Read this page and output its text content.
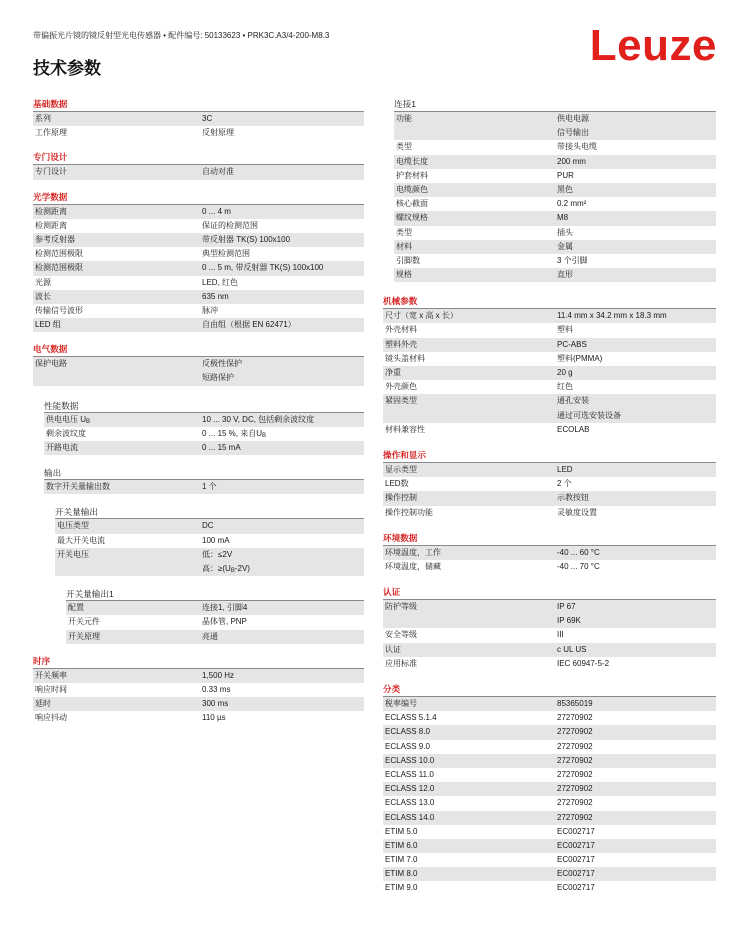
带偏振光片镜的镜反射型光电传感器 • 配件编号: 50133623 • PRK3C.A3/4-200-M8.3
技术参数	Leuze
基础数据
系列	3C
工作原理	反射原理
专门设计
专门设计	自动对准
光学数据
检测距离	0 ... 4 m
检测距离	保证的检测范围
参考反射器	带反射器 TK(S) 100x100
检测范围极限	典型检测范围
检测范围极限	0 ... 5 m, 带反射器 TK(S) 100x100
光源	LED, 红色
波长	635 nm
传输信号波形	脉冲
LED 组	自由组（根据 EN 62471）
电气数据
保护电路	反极性保护
短路保护
性能数据
供电电压 UB	10 ... 30 V, DC, 包括剩余波纹度
剩余波纹度	0 ... 15 %, 来自UB
开路电流	0 ... 15 mA
输出
数字开关量输出数	1 个
开关量输出
电压类型	DC
最大开关电流	100 mA
开关电压	低：≤2V
高：≥(UB-2V)
开关量输出1
配置	连接1, 引脚4
开关元件	晶体管, PNP
开关原理	亮通
时序
开关频率	1,500 Hz
响应时间	0.33 ms
延时	300 ms
响应抖动	110 µs
连接1
功能	供电电源
信号输出
类型	带接头电缆
电缆长度	200 mm
护套材料	PUR
电缆颜色	黑色
核心截面	0.2 mm²
螺纹规格	M8
类型	插头
材料	金属
引脚数	3 个引脚
规格	直形
机械参数
尺寸（宽 x 高 x 长）	11.4 mm x 34.2 mm x 18.3 mm
外壳材料	塑料
塑料外壳	PC-ABS
镜头盖材料	塑料(PMMA)
净重	20 g
外壳颜色	红色
紧固类型	通孔安装
通过可选安装设备
材料兼容性	ECOLAB
操作和显示
显示类型	LED
LED数	2 个
操作控制	示教按钮
操作控制功能	灵敏度设置
环境数据
环境温度，工作	-40 ... 60 °C
环境温度，储藏	-40 ... 70 °C
认证
防护等级	IP 67
IP 69K
安全等级	III
认证	c UL US
应用标准	IEC 60947-5-2
分类
税率编号	85365019
ECLASS 5.1.4	27270902
ECLASS 8.0	27270902
ECLASS 9.0	27270902
ECLASS 10.0	27270902
ECLASS 11.0	27270902
ECLASS 12.0	27270902
ECLASS 13.0	27270902
ECLASS 14.0	27270902
ETIM 5.0	EC002717
ETIM 6.0	EC002717
ETIM 7.0	EC002717
ETIM 8.0	EC002717
ETIM 9.0	EC002717
